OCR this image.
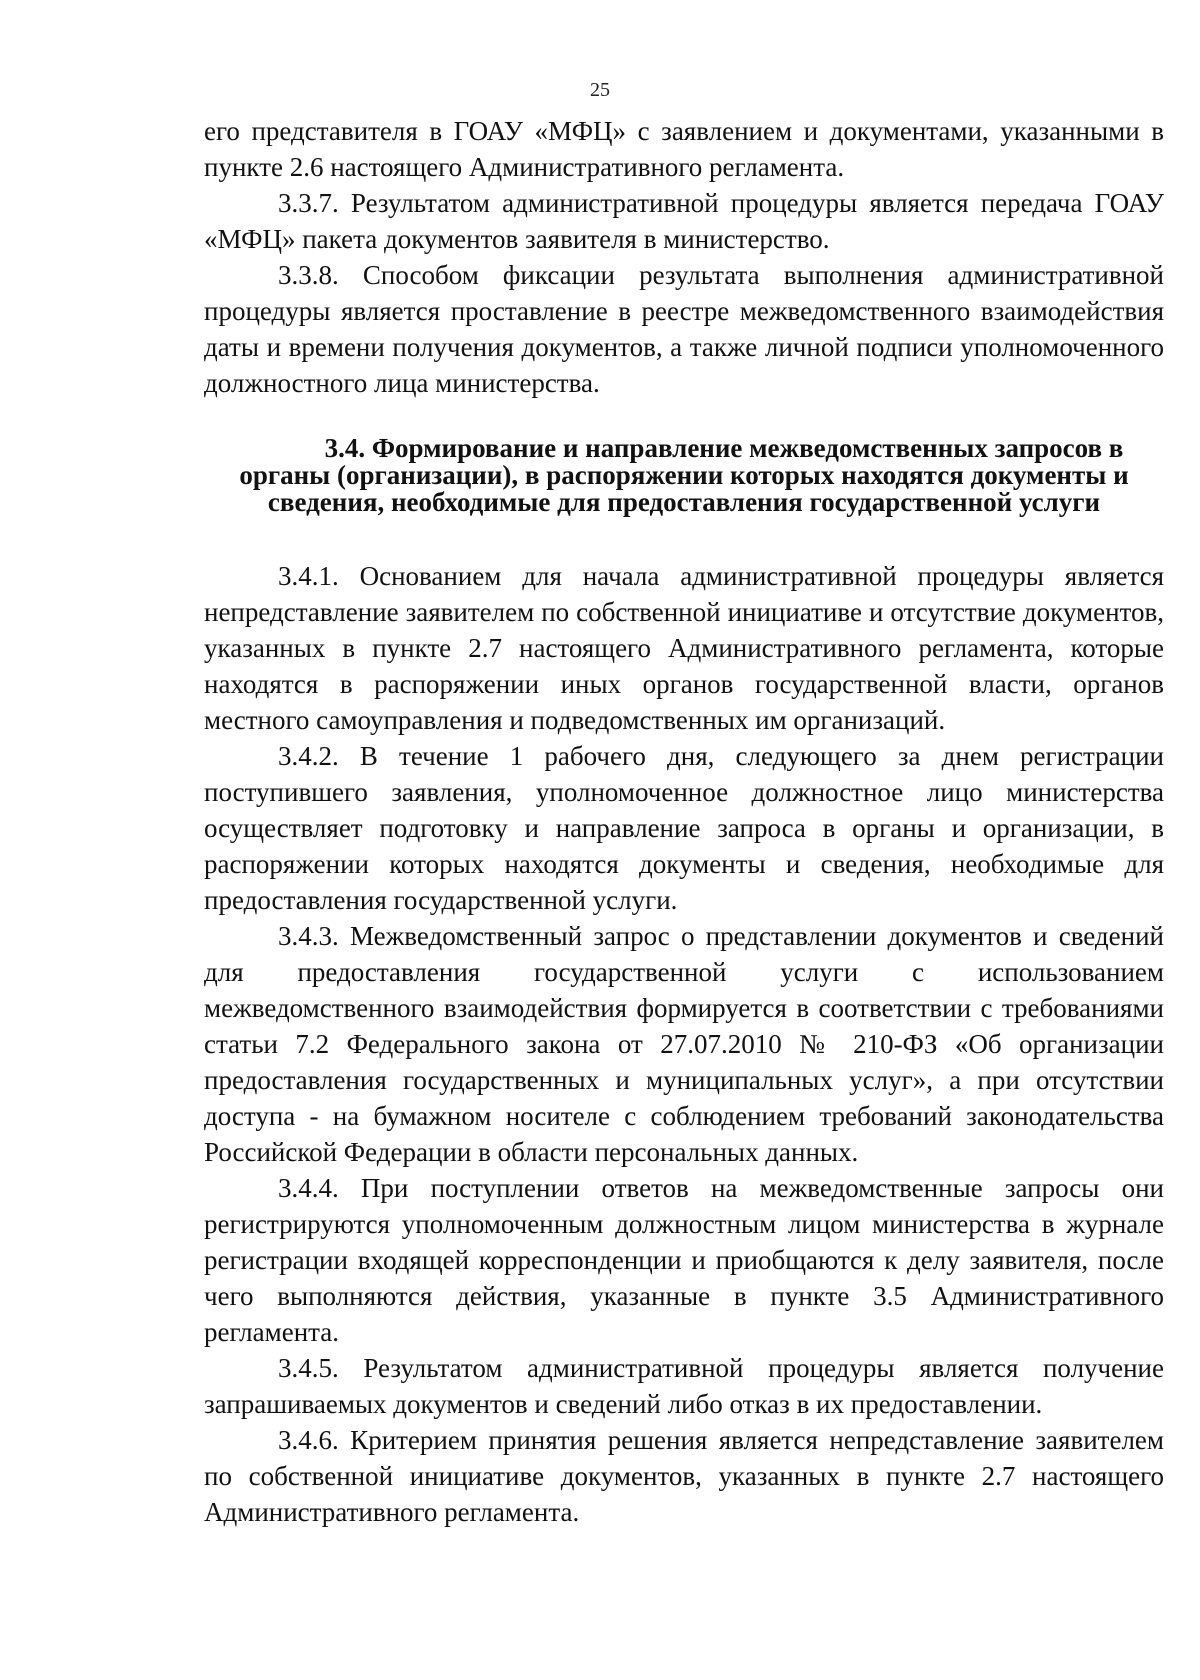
25

его представителя в ГОАУ «МФЦ» с заявлением и документами, указанными в пункте 2.6 настоящего Административного регламента.

3.3.7. Результатом административной процедуры является передача ГОАУ «МФЦ» пакета документов заявителя в министерство.

3.3.8. Способом фиксации результата выполнения административной процедуры является проставление в реестре межведомственного взаимодействия даты и времени получения документов, а также личной подписи уполномоченного должностного лица министерства.

3.4. Формирование и направление межведомственных запросов в
органы (организации), в распоряжении которых находятся документы и
сведения, необходимые для предоставления государственной услуги

3.4.1. Основанием для начала административной процедуры является непредставление заявителем по собственной инициативе и отсутствие документов, указанных в пункте 2.7 настоящего Административного регламента, которые находятся в распоряжении иных органов государственной власти, органов местного самоуправления и подведомственных им организаций.

3.4.2. В течение 1 рабочего дня, следующего за днем регистрации поступившего заявления, уполномоченное должностное лицо министерства осуществляет подготовку и направление запроса в органы и организации, в распоряжении которых находятся документы и сведения, необходимые для предоставления государственной услуги.

3.4.3. Межведомственный запрос о представлении документов и сведений для предоставления государственной услуги с использованием межведомственного взаимодействия формируется в соответствии с требованиями статьи 7.2 Федерального закона от 27.07.2010 № 210-ФЗ «Об организации предоставления государственных и муниципальных услуг», а при отсутствии доступа - на бумажном носителе с соблюдением требований законодательства Российской Федерации в области персональных данных.

3.4.4. При поступлении ответов на межведомственные запросы они регистрируются уполномоченным должностным лицом министерства в журнале регистрации входящей корреспонденции и приобщаются к делу заявителя, после чего выполняются действия, указанные в пункте 3.5 Административного регламента.

3.4.5. Результатом административной процедуры является получение запрашиваемых документов и сведений либо отказ в их предоставлении.

3.4.6. Критерием принятия решения является непредставление заявителем по собственной инициативе документов, указанных в пункте 2.7 настоящего Административного регламента.
